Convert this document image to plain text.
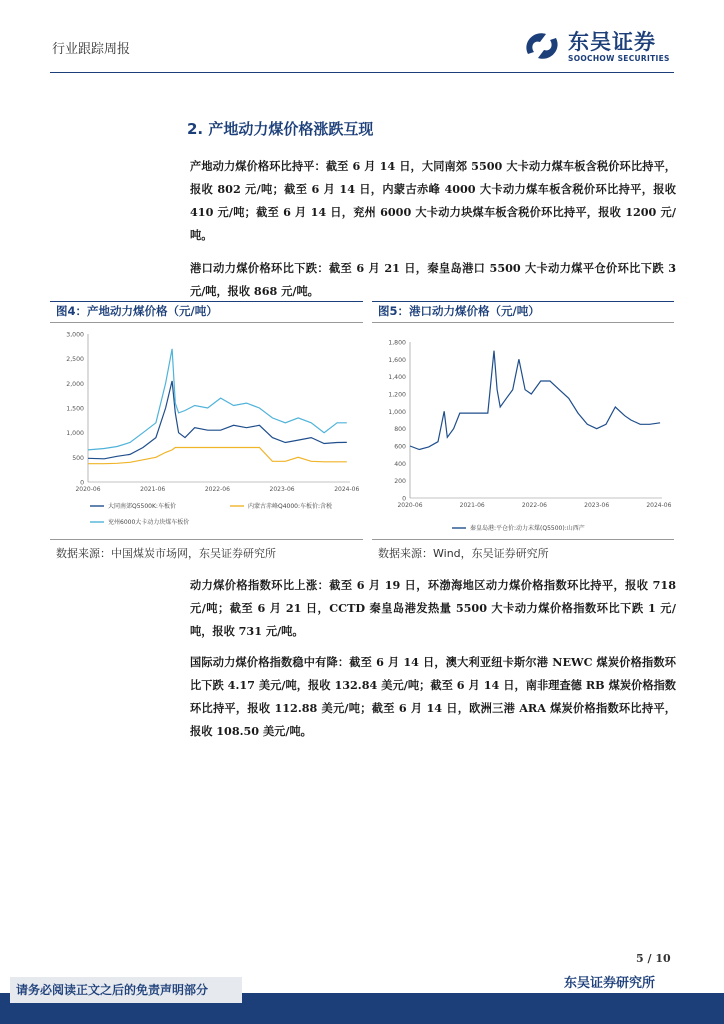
行业跟踪周报	东吴证券
SOOCHOW SECURITIES
2. 产地动力煤价格涨跌互现
产地动力煤价格环比持平：截至 6 月 14 日，大同南郊 5500 大卡动力煤车板含税价环比持平，报收 802 元/吨；截至 6 月 14 日，内蒙古赤峰 4000 大卡动力煤车板含税价环比持平，报收 410 元/吨；截至 6 月 14 日，兖州 6000 大卡动力块煤车板含税价环比持平，报收 1200 元/吨。
港口动力煤价格环比下跌：截至 6 月 21 日，秦皇岛港口 5500 大卡动力煤平仓价环比下跌 3 元/吨，报收 868 元/吨。
图4：产地动力煤价格（元/吨）	图5：港口动力煤价格（元/吨）
0
500
1,000
1,500
2,000
2,500
3,000
2020-06	2021-06	2022-06	2023-06	2024-06
大同南郊Q5500K:车板价	内蒙古赤峰Q4000:车板价:含税
兖州6000大卡动力块煤车板价
0
200
400
600
800
1,000
1,200
1,400
1,600
1,800
2020-06	2021-06	2022-06	2023-06	2024-06
秦皇岛港:平仓价:动力末煤(Q5500):山西产
数据来源：中国煤炭市场网，东吴证券研究所	数据来源：Wind，东吴证券研究所
动力煤价格指数环比上涨：截至 6 月 19 日，环渤海地区动力煤价格指数环比持平，报收 718 元/吨；截至 6 月 21 日，CCTD 秦皇岛港发热量 5500 大卡动力煤价格指数环比下跌 1 元/吨，报收 731 元/吨。
国际动力煤价格指数稳中有降：截至 6 月 14 日，澳大利亚纽卡斯尔港 NEWC 煤炭价格指数环比下跌 4.17 美元/吨，报收 132.84 美元/吨；截至 6 月 14 日，南非理查德 RB 煤炭价格指数环比持平，报收 112.88 美元/吨；截至 6 月 14 日，欧洲三港 ARA 煤炭价格指数环比持平，报收 108.50 美元/吨。
5 / 10
东吴证券研究所
请务必阅读正文之后的免责声明部分
